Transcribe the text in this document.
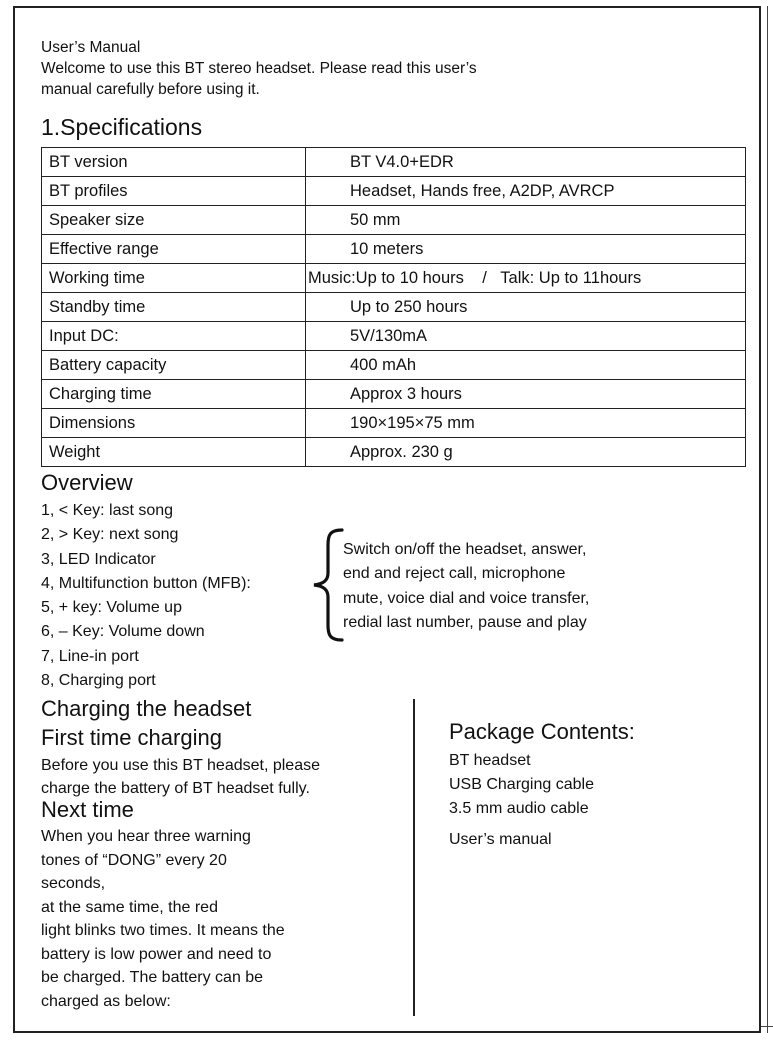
User’s Manual
Welcome to use this BT stereo headset. Please read this user’s
manual carefully before using it.
1.Specifications
BT version	BT V4.0+EDR
BT profiles	Headset, Hands free, A2DP, AVRCP
Speaker size	50 mm
Effective range	10 meters
Working time	Music:Up to 10 hours    /   Talk: Up to 11hours
Standby time	Up to 250 hours
Input DC:	5V/130mA
Battery capacity	400 mAh
Charging time	Approx 3 hours
Dimensions	190×195×75 mm
Weight	Approx. 230 g
Overview
1, < Key: last song
2, > Key: next song
3, LED Indicator
4, Multifunction button (MFB):
5, + key: Volume up
6, – Key: Volume down
7, Line-in port
8, Charging port
Switch on/off the headset, answer,
end and reject call, microphone
mute, voice dial and voice transfer,
redial last number, pause and play
Charging the headset
First time charging
Before you use this BT headset, please
charge the battery of BT headset fully.
Next time
When you hear three warning
tones of “DONG” every 20
seconds,
at the same time, the red
light blinks two times. It means the
battery is low power and need to
be charged. The battery can be
charged as below:
Package Contents:
BT headset
USB Charging cable
3.5 mm audio cable
User’s manual
